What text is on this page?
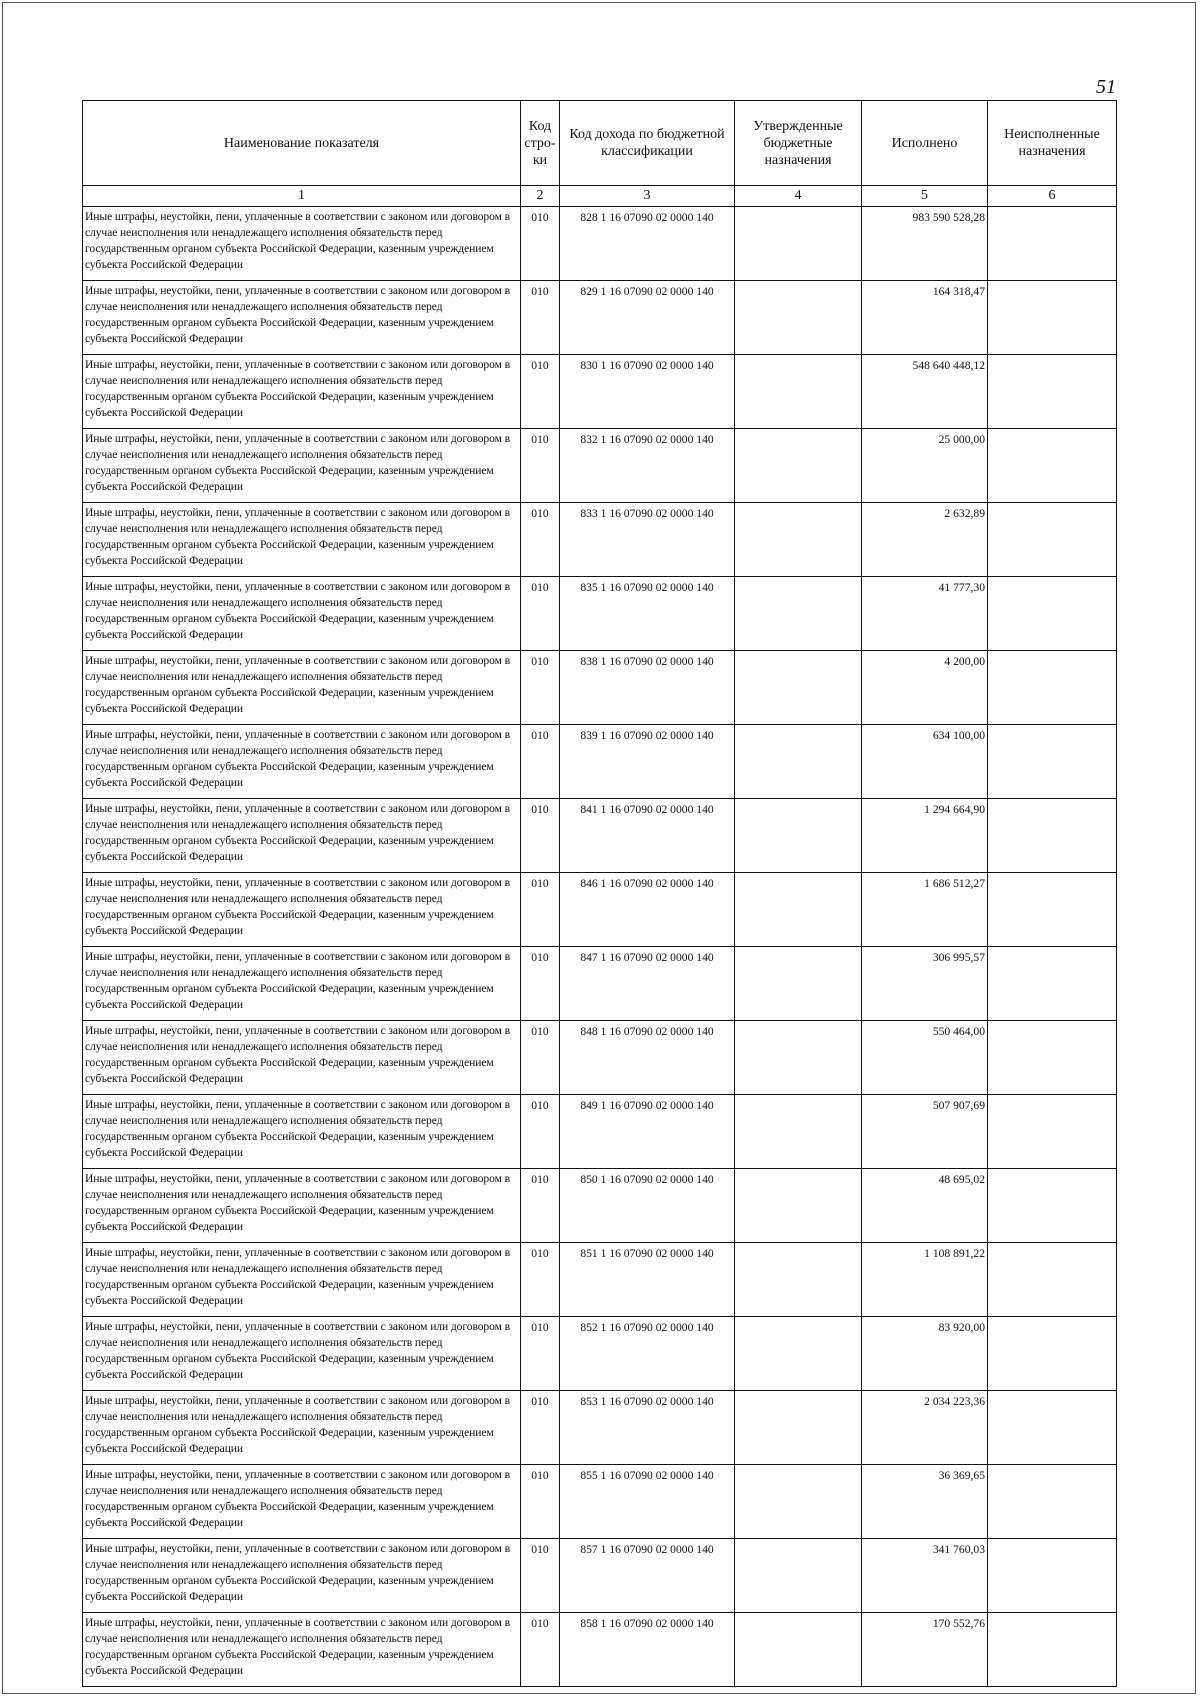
51
Наименование показателя	Код стро-ки	Код дохода по бюджетной классификации	Утвержденные бюджетные назначения	Исполнено	Неисполненные назначения
1	2	3	4	5	6
Иные штрафы, неустойки, пени, уплаченные в соответствии с законом или договором в случае неисполнения или ненадлежащего исполнения обязательств перед государственным органом субъекта Российской Федерации, казенным учреждением субъекта Российской Федерации	010	828 1 16 07090 02 0000 140		983 590 528,28	
Иные штрафы, неустойки, пени, уплаченные в соответствии с законом или договором в случае неисполнения или ненадлежащего исполнения обязательств перед государственным органом субъекта Российской Федерации, казенным учреждением субъекта Российской Федерации	010	829 1 16 07090 02 0000 140		164 318,47	
Иные штрафы, неустойки, пени, уплаченные в соответствии с законом или договором в случае неисполнения или ненадлежащего исполнения обязательств перед государственным органом субъекта Российской Федерации, казенным учреждением субъекта Российской Федерации	010	830 1 16 07090 02 0000 140		548 640 448,12	
Иные штрафы, неустойки, пени, уплаченные в соответствии с законом или договором в случае неисполнения или ненадлежащего исполнения обязательств перед государственным органом субъекта Российской Федерации, казенным учреждением субъекта Российской Федерации	010	832 1 16 07090 02 0000 140		25 000,00	
Иные штрафы, неустойки, пени, уплаченные в соответствии с законом или договором в случае неисполнения или ненадлежащего исполнения обязательств перед государственным органом субъекта Российской Федерации, казенным учреждением субъекта Российской Федерации	010	833 1 16 07090 02 0000 140		2 632,89	
Иные штрафы, неустойки, пени, уплаченные в соответствии с законом или договором в случае неисполнения или ненадлежащего исполнения обязательств перед государственным органом субъекта Российской Федерации, казенным учреждением субъекта Российской Федерации	010	835 1 16 07090 02 0000 140		41 777,30	
Иные штрафы, неустойки, пени, уплаченные в соответствии с законом или договором в случае неисполнения или ненадлежащего исполнения обязательств перед государственным органом субъекта Российской Федерации, казенным учреждением субъекта Российской Федерации	010	838 1 16 07090 02 0000 140		4 200,00	
Иные штрафы, неустойки, пени, уплаченные в соответствии с законом или договором в случае неисполнения или ненадлежащего исполнения обязательств перед государственным органом субъекта Российской Федерации, казенным учреждением субъекта Российской Федерации	010	839 1 16 07090 02 0000 140		634 100,00	
Иные штрафы, неустойки, пени, уплаченные в соответствии с законом или договором в случае неисполнения или ненадлежащего исполнения обязательств перед государственным органом субъекта Российской Федерации, казенным учреждением субъекта Российской Федерации	010	841 1 16 07090 02 0000 140		1 294 664,90	
Иные штрафы, неустойки, пени, уплаченные в соответствии с законом или договором в случае неисполнения или ненадлежащего исполнения обязательств перед государственным органом субъекта Российской Федерации, казенным учреждением субъекта Российской Федерации	010	846 1 16 07090 02 0000 140		1 686 512,27	
Иные штрафы, неустойки, пени, уплаченные в соответствии с законом или договором в случае неисполнения или ненадлежащего исполнения обязательств перед государственным органом субъекта Российской Федерации, казенным учреждением субъекта Российской Федерации	010	847 1 16 07090 02 0000 140		306 995,57	
Иные штрафы, неустойки, пени, уплаченные в соответствии с законом или договором в случае неисполнения или ненадлежащего исполнения обязательств перед государственным органом субъекта Российской Федерации, казенным учреждением субъекта Российской Федерации	010	848 1 16 07090 02 0000 140		550 464,00	
Иные штрафы, неустойки, пени, уплаченные в соответствии с законом или договором в случае неисполнения или ненадлежащего исполнения обязательств перед государственным органом субъекта Российской Федерации, казенным учреждением субъекта Российской Федерации	010	849 1 16 07090 02 0000 140		507 907,69	
Иные штрафы, неустойки, пени, уплаченные в соответствии с законом или договором в случае неисполнения или ненадлежащего исполнения обязательств перед государственным органом субъекта Российской Федерации, казенным учреждением субъекта Российской Федерации	010	850 1 16 07090 02 0000 140		48 695,02	
Иные штрафы, неустойки, пени, уплаченные в соответствии с законом или договором в случае неисполнения или ненадлежащего исполнения обязательств перед государственным органом субъекта Российской Федерации, казенным учреждением субъекта Российской Федерации	010	851 1 16 07090 02 0000 140		1 108 891,22	
Иные штрафы, неустойки, пени, уплаченные в соответствии с законом или договором в случае неисполнения или ненадлежащего исполнения обязательств перед государственным органом субъекта Российской Федерации, казенным учреждением субъекта Российской Федерации	010	852 1 16 07090 02 0000 140		83 920,00	
Иные штрафы, неустойки, пени, уплаченные в соответствии с законом или договором в случае неисполнения или ненадлежащего исполнения обязательств перед государственным органом субъекта Российской Федерации, казенным учреждением субъекта Российской Федерации	010	853 1 16 07090 02 0000 140		2 034 223,36	
Иные штрафы, неустойки, пени, уплаченные в соответствии с законом или договором в случае неисполнения или ненадлежащего исполнения обязательств перед государственным органом субъекта Российской Федерации, казенным учреждением субъекта Российской Федерации	010	855 1 16 07090 02 0000 140		36 369,65	
Иные штрафы, неустойки, пени, уплаченные в соответствии с законом или договором в случае неисполнения или ненадлежащего исполнения обязательств перед государственным органом субъекта Российской Федерации, казенным учреждением субъекта Российской Федерации	010	857 1 16 07090 02 0000 140		341 760,03	
Иные штрафы, неустойки, пени, уплаченные в соответствии с законом или договором в случае неисполнения или ненадлежащего исполнения обязательств перед государственным органом субъекта Российской Федерации, казенным учреждением субъекта Российской Федерации	010	858 1 16 07090 02 0000 140		170 552,76	
